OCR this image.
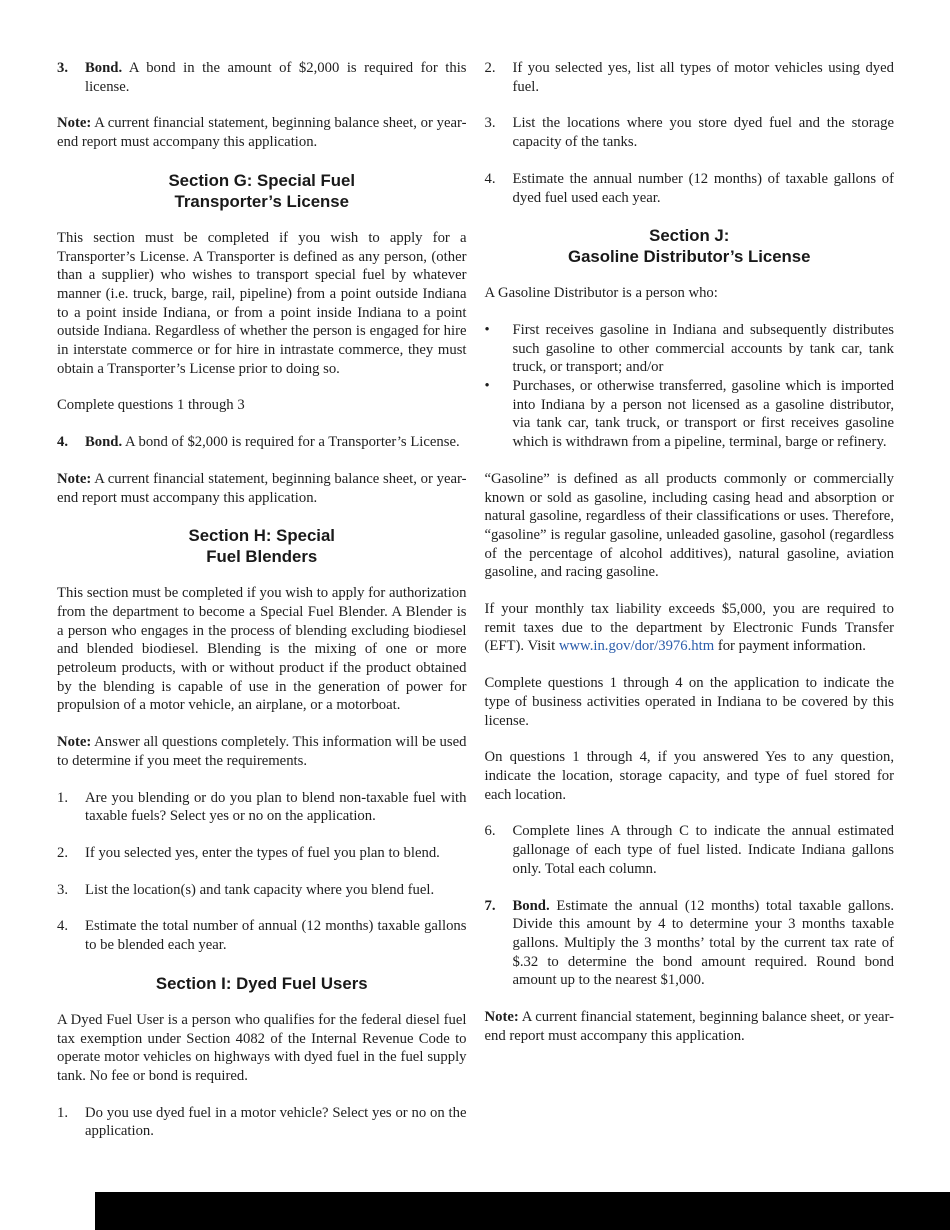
3.	Bond. A bond in the amount of $2,000 is required for this license.

Note: A current financial statement, beginning balance sheet, or year-end report must accompany this application.

Section G: Special Fuel
Transporter’s License

This section must be completed if you wish to apply for a Transporter’s License. A Transporter is defined as any person, (other than a supplier) who wishes to transport special fuel by whatever manner (i.e. truck, barge, rail, pipeline) from a point outside Indiana to a point inside Indiana, or from a point inside Indiana to a point outside Indiana. Regardless of whether the person is engaged for hire in interstate commerce or for hire in intrastate commerce, they must obtain a Transporter’s License prior to doing so.

Complete questions 1 through 3

4.	Bond. A bond of $2,000 is required for a Transporter’s License.

Note: A current financial statement, beginning balance sheet, or year-end report must accompany this application.

Section H: Special
Fuel Blenders

This section must be completed if you wish to apply for authorization from the department to become a Special Fuel Blender. A Blender is a person who engages in the process of blending excluding biodiesel and blended biodiesel. Blending is the mixing of one or more petroleum products, with or without product if the product obtained by the blending is capable of use in the generation of power for propulsion of a motor vehicle, an airplane, or a motorboat.

Note: Answer all questions completely. This information will be used to determine if you meet the requirements.

1.	Are you blending or do you plan to blend non-taxable fuel with taxable fuels? Select yes or no on the application.
2.	If you selected yes, enter the types of fuel you plan to blend.
3.	List the location(s) and tank capacity where you blend fuel.
4.	Estimate the total number of annual (12 months) taxable gallons to be blended each year.
Section I: Dyed Fuel Users

A Dyed Fuel User is a person who qualifies for the federal diesel fuel tax exemption under Section 4082 of the Internal Revenue Code to operate motor vehicles on highways with dyed fuel in the fuel supply tank. No fee or bond is required.

1.	Do you use dyed fuel in a motor vehicle? Select yes or no on the application.
2.	If you selected yes, list all types of motor vehicles using dyed fuel.
3.	List the locations where you store dyed fuel and the storage capacity of the tanks.
4.	Estimate the annual number (12 months) of taxable gallons of dyed fuel used each year.
Section J:
Gasoline Distributor’s License

A Gasoline Distributor is a person who:

•	First receives gasoline in Indiana and subsequently distributes such gasoline to other commercial accounts by tank car, tank truck, or transport; and/or
•	Purchases, or otherwise transferred, gasoline which is imported into Indiana by a person not licensed as a gasoline distributor, via tank car, tank truck, or transport or first receives gasoline which is withdrawn from a pipeline, terminal, barge or refinery.

“Gasoline” is defined as all products commonly or commercially known or sold as gasoline, including casing head and absorption or natural gasoline, regardless of their classifications or uses. Therefore, “gasoline” is regular gasoline, unleaded gasoline, gasohol (regardless of the percentage of alcohol additives), natural gasoline, aviation gasoline, and racing gasoline.

If your monthly tax liability exceeds $5,000, you are required to remit taxes due to the department by Electronic Funds Transfer (EFT). Visit www.in.gov/dor/3976.htm for payment information.

Complete questions 1 through 4 on the application to indicate the type of business activities operated in Indiana to be covered by this license.

On questions 1 through 4, if you answered Yes to any question, indicate the location, storage capacity, and type of fuel stored for each location.

6.	Complete lines A through C to indicate the annual estimated gallonage of each type of fuel listed. Indicate Indiana gallons only. Total each column.
7.	Bond. Estimate the annual (12 months) total taxable gallons. Divide this amount by 4 to determine your 3 months taxable gallons. Multiply the 3 months’ total by the current tax rate of $.32 to determine the bond amount required. Round bond amount up to the nearest $1,000.

Note: A current financial statement, beginning balance sheet, or year-end report must accompany this application.
